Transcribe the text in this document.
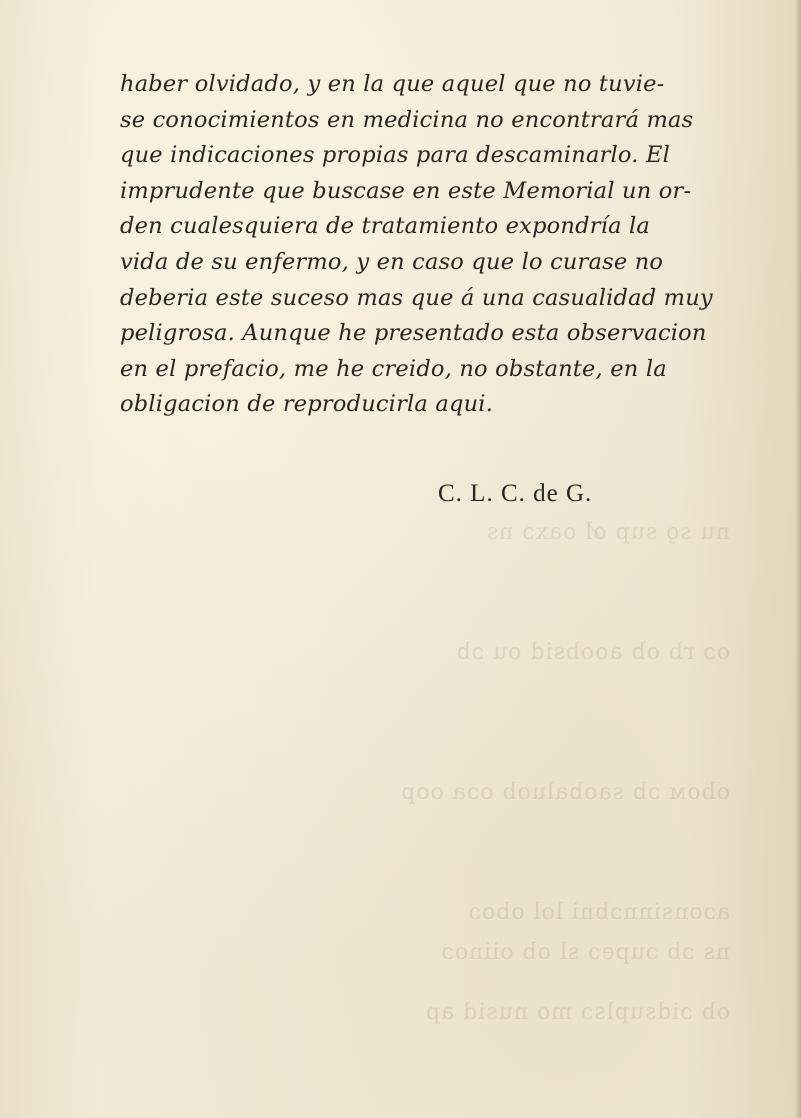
nu so̧ sup ol̸ oaxɔ ns
oɔ rb ob aoobsid ou ɔb
oboм ɔb saobaluob oɔa oop
aɔonsinnɔbni lol oboɔ
ns ɔb ɔupeɔ sl ob oiinoɔ
ob ɔidsuplsɔ mo nusid ap
haber olvidado, y en la que aquel que no tuvie-
se conocimientos en medicina no encontrará mas
que indicaciones propias para descaminarlo. El
imprudente que buscase en este Memorial un or-
den cualesquiera de tratamiento expondría la
vida de su enfermo, y en caso que lo curase no
deberia este suceso mas que á una casualidad muy
peligrosa. Aunque he presentado esta observacion
en el prefacio, me he creido, no obstante, en la
obligacion de reproducirla aqui.
C. L. C. de G.
